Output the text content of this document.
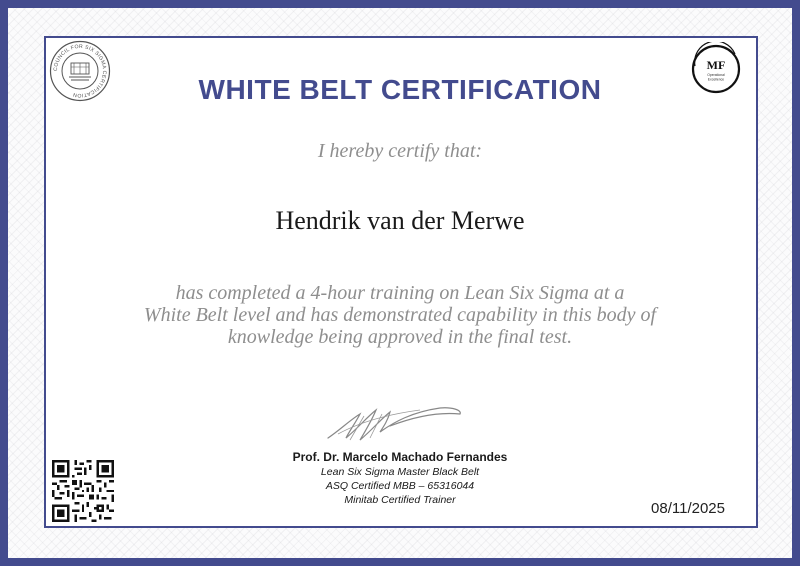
COUNCIL FOR SIX SIGMA CERTIFICATION
MF
Operational
Excellence
WHITE BELT CERTIFICATION
I hereby certify that:
Hendrik van der Merwe
has completed a 4-hour training on Lean Six Sigma at a
White Belt level and has demonstrated capability in this body of
knowledge being approved in the final test.
Prof. Dr. Marcelo Machado Fernandes
Lean Six Sigma Master Black Belt
ASQ Certified MBB – 65316044
Minitab Certified Trainer	08/11/2025
